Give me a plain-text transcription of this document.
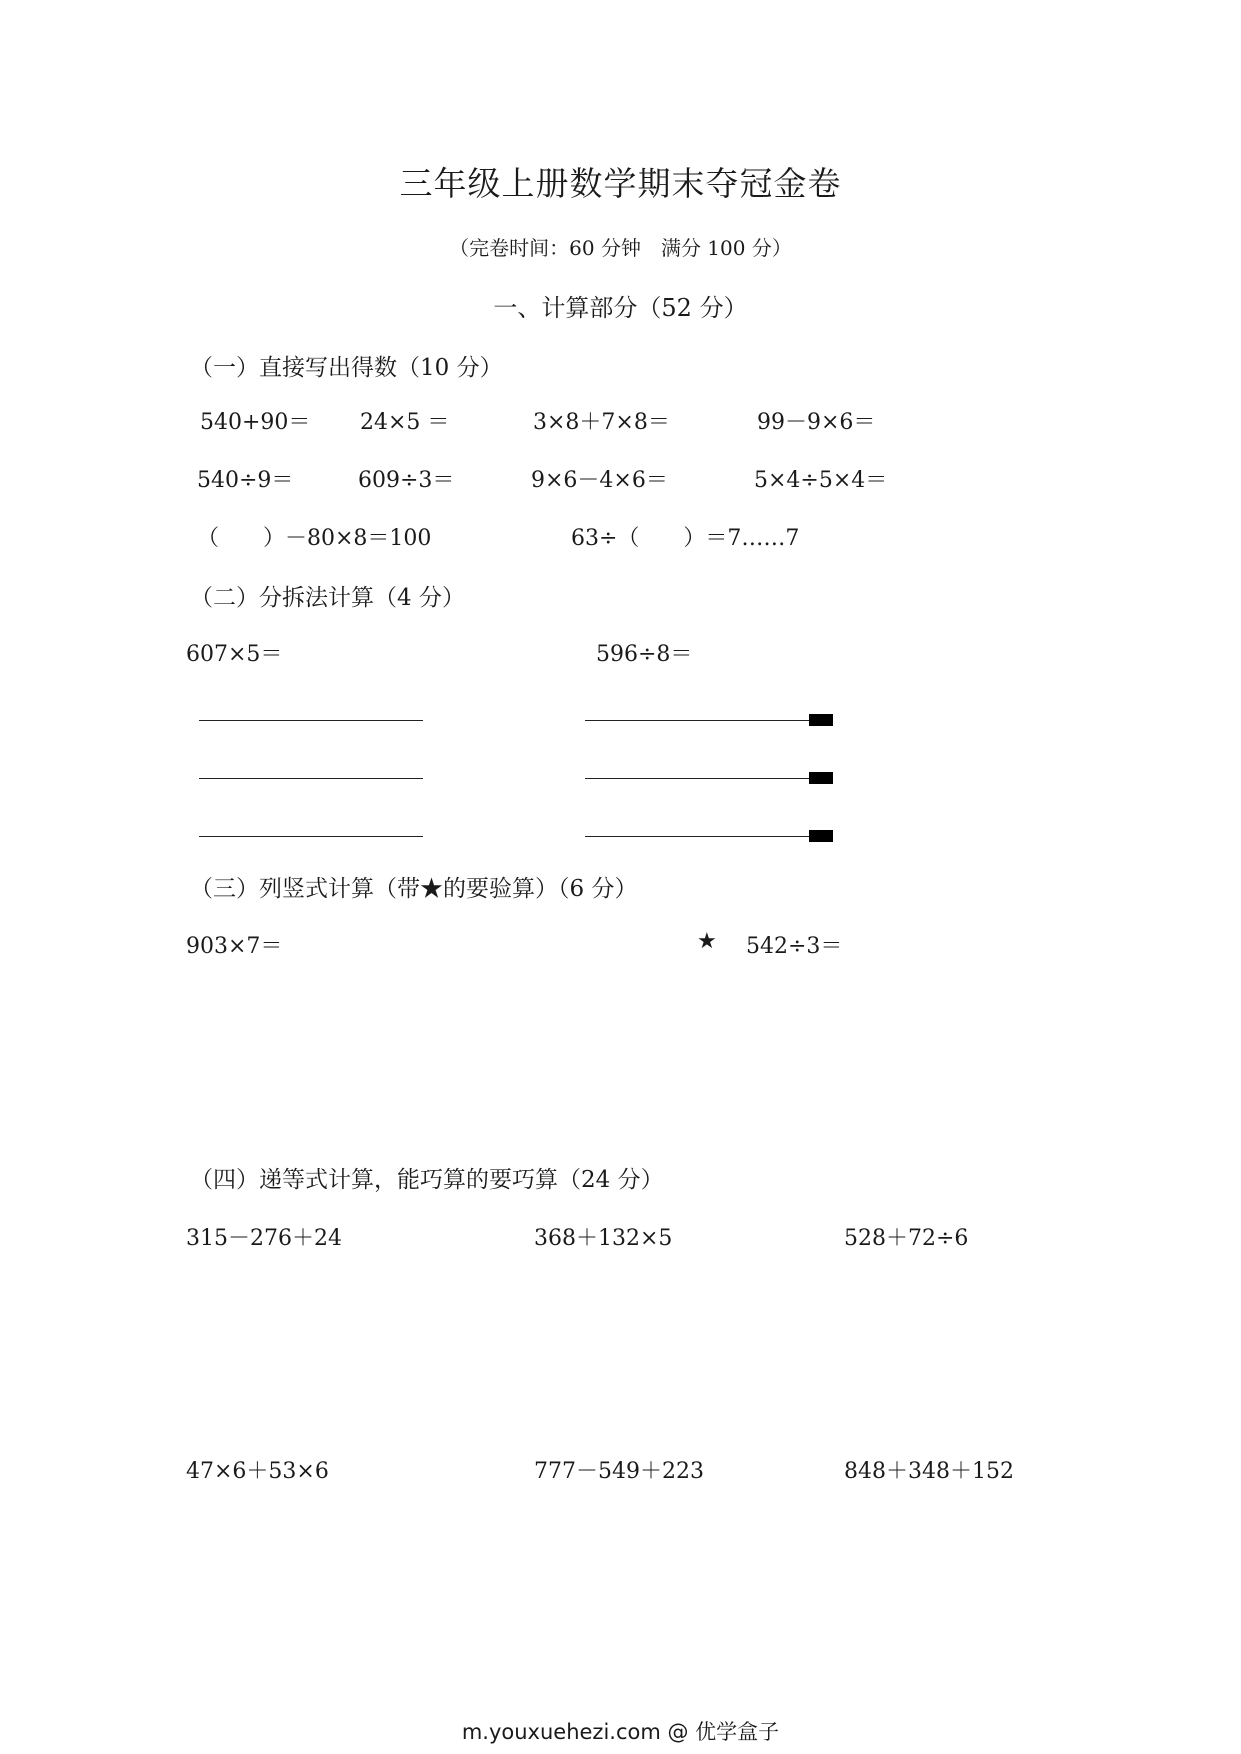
三年级上册数学期末夺冠金卷
（完卷时间：60 分钟　满分 100 分）
一、计算部分（52 分）
（一）直接写出得数（10 分）
540+90＝ 24×5 ＝	3×8＋7×8＝	99－9×6＝
540÷9＝	609÷3＝	9×6－4×6＝	5×4÷5×4＝
（　　）－80×8＝100	63÷（　　）＝7……7
（二）分拆法计算（4 分）
607×5＝	596÷8＝
（三）列竖式计算（带★的要验算）（6 分）
903×7＝	★ 542÷3＝
（四）递等式计算，能巧算的要巧算（24 分）
315－276＋24	368＋132×5	528＋72÷6
47×6＋53×6	777－549＋223	848＋348＋152
m.youxuehezi.com @ 优学盒子
